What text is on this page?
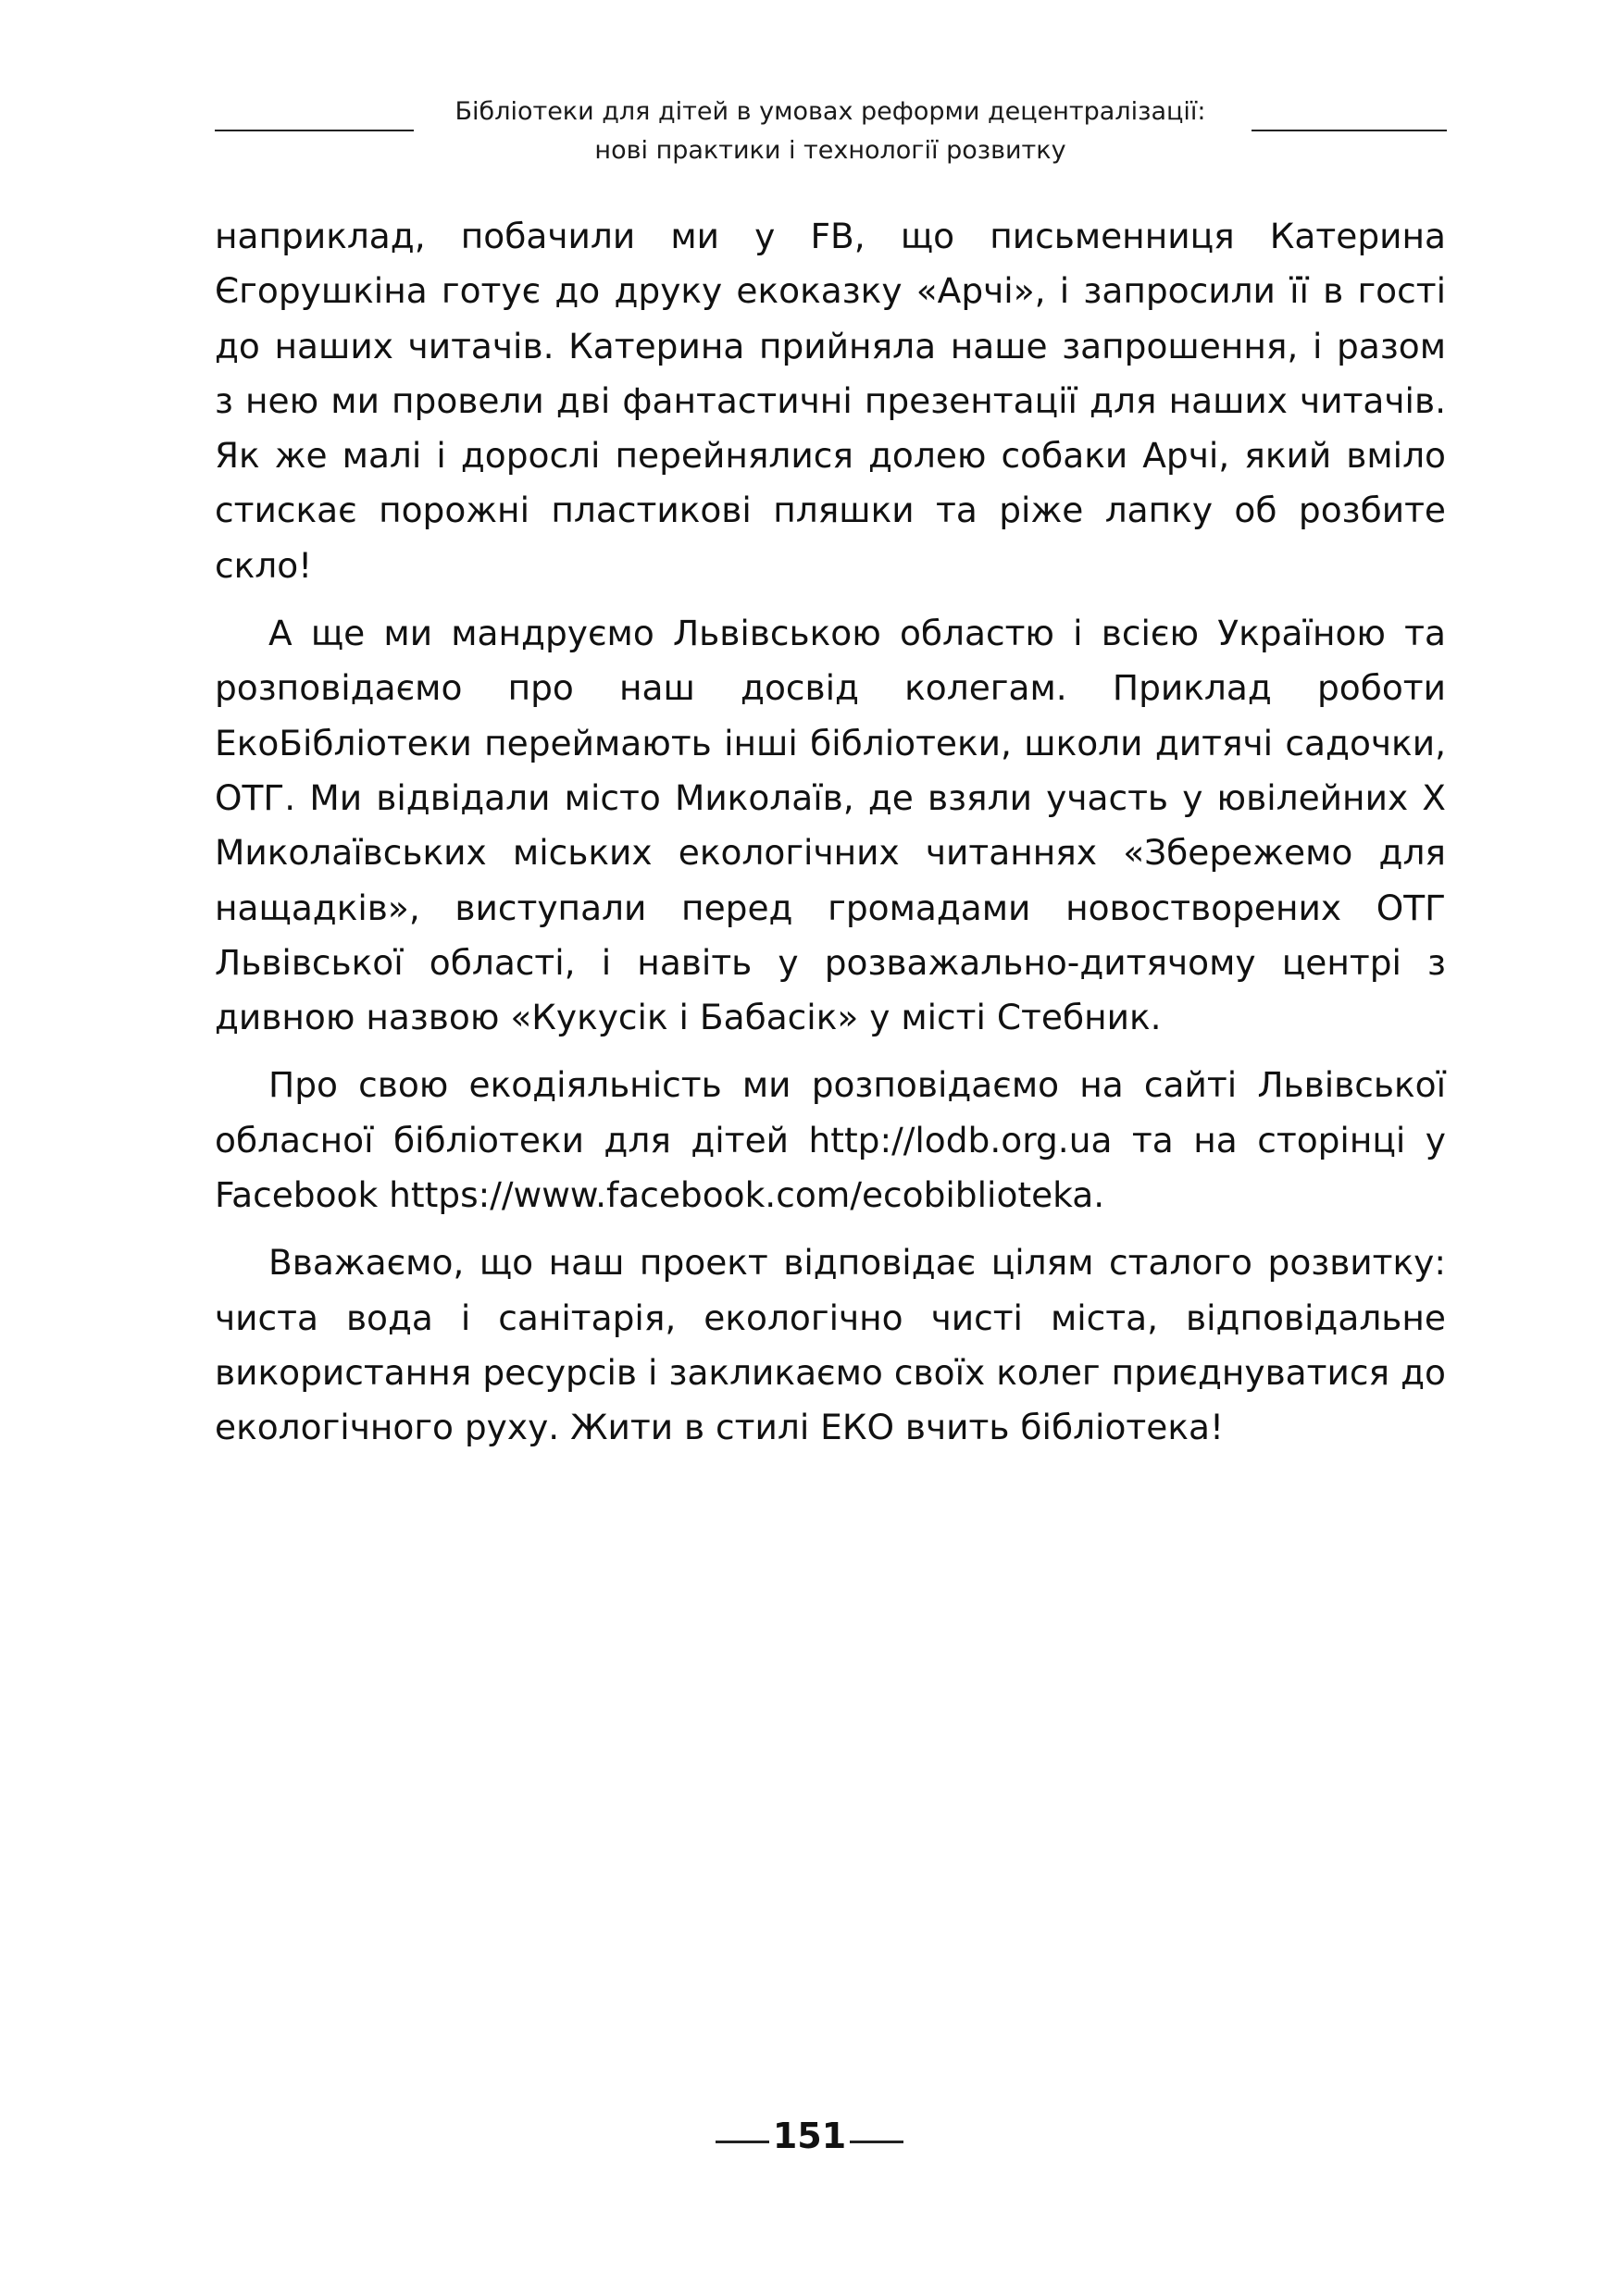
Бібліотеки для дітей в умовах реформи децентралізації:
нові практики і технології розвитку

наприклад, побачили ми у FB, що письменниця Катерина Єгорушкіна готує до друку екоказку «Арчі», і запросили її в гості до наших читачів. Катерина прийняла наше запрошення, і разом з нею ми провели дві фантастичні презентації для наших читачів. Як же малі і дорослі перейнялися долею собаки Арчі, який вміло стискає порожні пластикові пляшки та ріже лапку об розбите скло!

А ще ми мандруємо Львівською областю і всією Україною та розповідаємо про наш досвід колегам. Приклад роботи ЕкоБібліотеки переймають інші бібліотеки, школи дитячі садочки, ОТГ. Ми відвідали місто Миколаїв, де взяли участь у ювілейних Х Миколаївських міських екологічних читаннях «Збережемо для нащадків», виступали перед громадами новостворених ОТГ Львівської області, і навіть у розважально-дитячому центрі з дивною назвою «Кукусік і Бабасік» у місті Стебник.

Про свою екодіяльність ми розповідаємо на сайті Львівської обласної бібліотеки для дітей http://lodb.org.ua та на сторінці у Facebook https://www.facebook.com/ecobiblioteka.

Вважаємо, що наш проект відповідає цілям сталого розвитку: чиста вода і санітарія, екологічно чисті міста, відповідальне використання ресурсів і закликаємо своїх колег приєднуватися до екологічного руху. Жити в стилі ЕКО вчить бібліотека!

151
